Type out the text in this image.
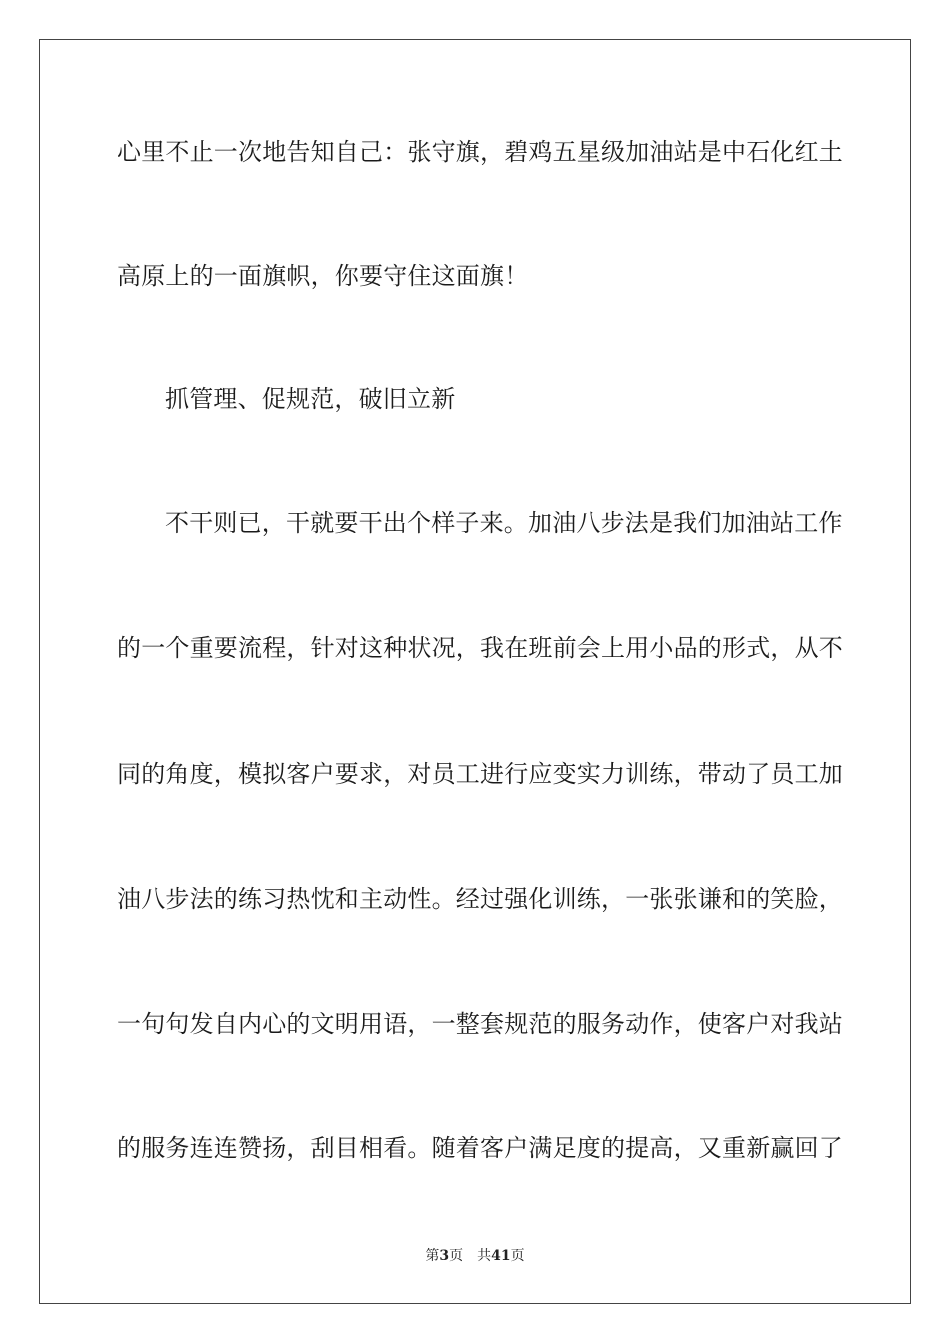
心里不止一次地告知自己：张守旗，碧鸡五星级加油站是中石化红土
高原上的一面旗帜，你要守住这面旗！
抓管理、促规范，破旧立新
不干则已，干就要干出个样子来。加油八步法是我们加油站工作
的一个重要流程，针对这种状况，我在班前会上用小品的形式，从不
同的角度，模拟客户要求，对员工进行应变实力训练，带动了员工加
油八步法的练习热忱和主动性。经过强化训练，一张张谦和的笑脸，
一句句发自内心的文明用语，一整套规范的服务动作，使客户对我站
的服务连连赞扬，刮目相看。随着客户满足度的提高，又重新赢回了
第3页 共41页
